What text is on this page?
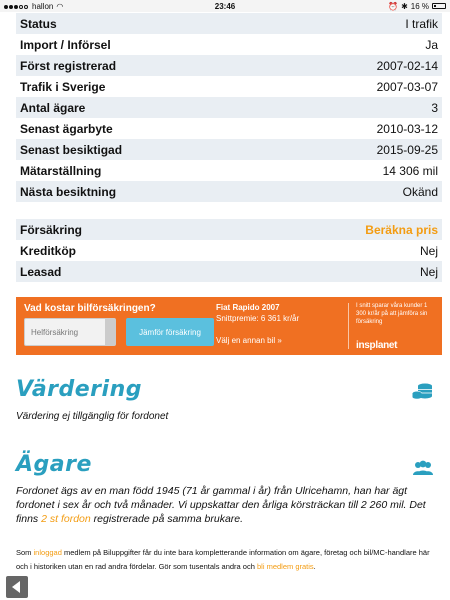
hallon ◠	23:46	⏰ ✱ 16 %
Status	I trafik
Import / Införsel	Ja
Först registrerad	2007-02-14
Trafik i Sverige	2007-03-07
Antal ägare	3
Senast ägarbyte	2010-03-12
Senast besiktigad	2015-09-25
Mätarställning	14 306 mil
Nästa besiktning	Okänd
Försäkring	Beräkna pris
Kreditköp	Nej
Leasad	Nej
Vad kostar bilförsäkringen?
Helförsäkring	Jämför försäkring
Fiat Rapido 2007
Snittpremie: 6 361 kr/år
Välj en annan bil »
I snitt sparar våra kunder 1 300 kr/år på att jämföra sin försäkring
insplanet
Värdering
Värdering ej tillgänglig för fordonet
Ägare
Fordonet ägs av en man född 1945 (71 år gammal i år) från Ulricehamn, han har ägt fordonet i sex år och två månader. Vi uppskattar den årliga körsträckan till 2 260 mil. Det finns 2 st fordon registrerade på samma brukare.
Som inloggad medlem på Biluppgifter får du inte bara kompletterande information om ägare, företag och bil/MC-handlare här och i historiken utan en rad andra fördelar. Gör som tusentals andra och bli medlem gratis.
